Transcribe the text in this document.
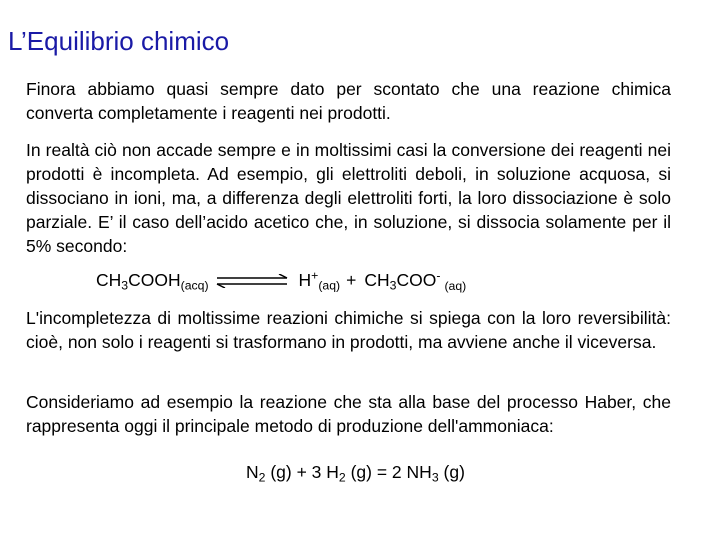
L’Equilibrio chimico
Finora abbiamo quasi sempre dato per scontato che una reazione chimica converta completamente i reagenti nei prodotti.
In realtà ciò non accade sempre e in moltissimi casi la conversione dei reagenti nei prodotti è incompleta. Ad esempio, gli elettroliti deboli, in soluzione acquosa, si dissociano in ioni, ma, a differenza degli elettroliti forti, la loro dissociazione è solo parziale. E’ il caso dell’acido acetico che, in soluzione, si dissocia solamente per il 5% secondo:
$CH_3COOH_{(acq)}$	$H^+_{(aq)} + CH_3COO^-_{(aq)}$
L'incompletezza di moltissime reazioni chimiche si spiega con la loro reversibilità: cioè, non solo i reagenti si trasformano in prodotti, ma avviene anche il viceversa.
Consideriamo ad esempio la reazione che sta alla base del processo Haber, che rappresenta oggi il principale metodo di produzione dell'ammoniaca:
$N_2$ (g) + 3 $H_2$ (g) = 2 $NH_3$ (g)
